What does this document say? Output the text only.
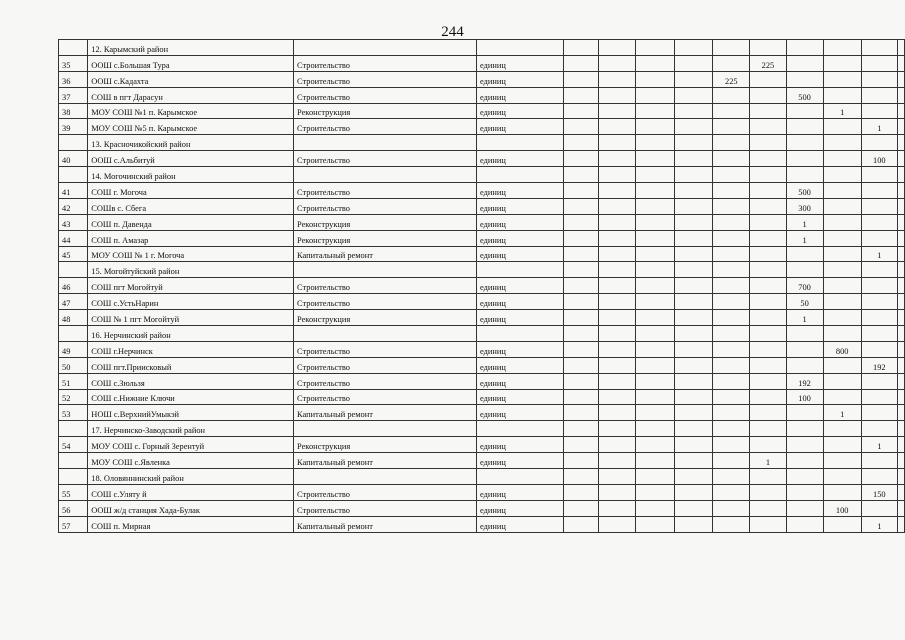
244
	12. Карымский район												
35	ООШ с.Большая Тура	Строительство	единиц						225				
36	ООШ с.Кадахта	Строительство	единиц					225					
37	СОШ в пгт Дарасун	Строительство	единиц							500			
38	МОУ СОШ №1 п. Карымское	Реконструкция	единиц								1		
39	МОУ СОШ №5 п. Карымское	Строительство	единиц									1	
	13. Красночикойский район												
40	ООШ с.Альбитуй	Строительство	единиц									100	
	14. Могочинский район												
41	СОШ г. Могоча	Строительство	единиц							500			
42	СОШв с. Сбега	Строительство	единиц							300			
43	СОШ п. Давенда	Реконструкция	единиц							1			
44	СОШ п. Амазар	Реконструкция	единиц							1			
45	МОУ СОШ № 1 г. Могоча	Капитальный ремонт	единиц									1	
	15. Могойтуйский район												
46	СОШ пгт Могойтуй	Строительство	единиц							700			
47	СОШ с.УстьНарин	Строительство	единиц							50			
48	СОШ № 1 пгт Могойтуй	Реконструкция	единиц							1			
	16. Нерчинский район												
49	СОШ г.Нерчинск	Строительство	единиц								800		
50	СОШ пгт.Приисковый	Строительство	единиц									192	
51	СОШ с.Зюльзя	Строительство	единиц							192			
52	СОШ с.Нижние Ключи	Строительство	единиц							100			
53	НОШ с.ВерхнийУмыкэй	Капитальный ремонт	единиц								1		
	17. Нерчинско-Заводский район												
54	МОУ СОШ с. Горный Зерентуй	Реконструкция	единиц									1	
	МОУ СОШ с.Явленка	Капитальный ремонт	единиц						1				
	18. Оловяннинский район												
55	СОШ с.Уляту й	Строительство	единиц									150	
56	ООШ ж/д станция Хада-Булак	Строительство	единиц								100		
57	СОШ п. Мирная	Капитальный ремонт	единиц									1	
